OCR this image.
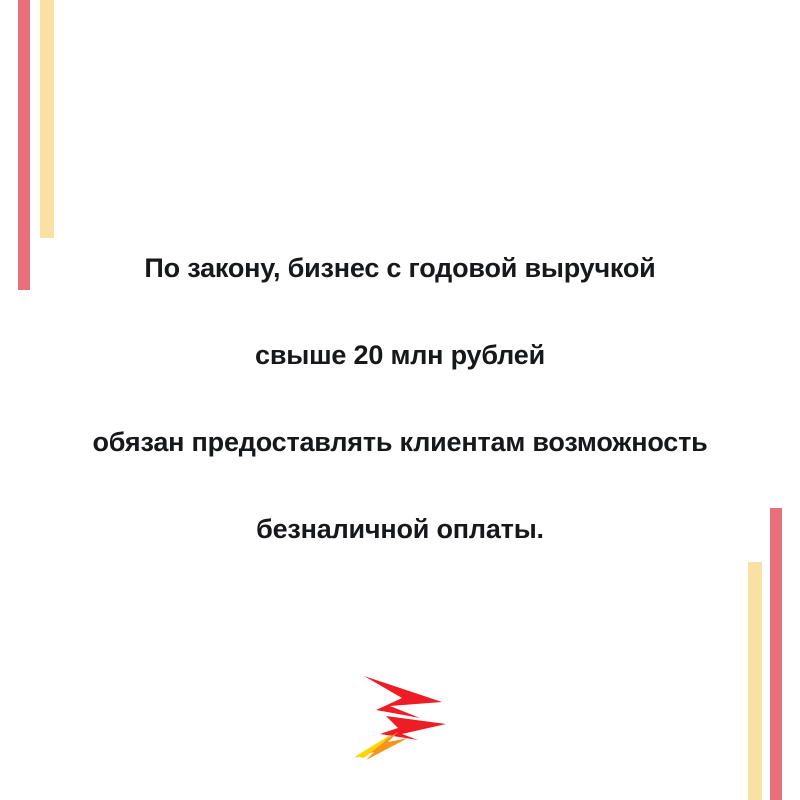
По закону, бизнес с годовой выручкой
свыше 20 млн рублей
обязан предоставлять клиентам возможность
безналичной оплаты.
